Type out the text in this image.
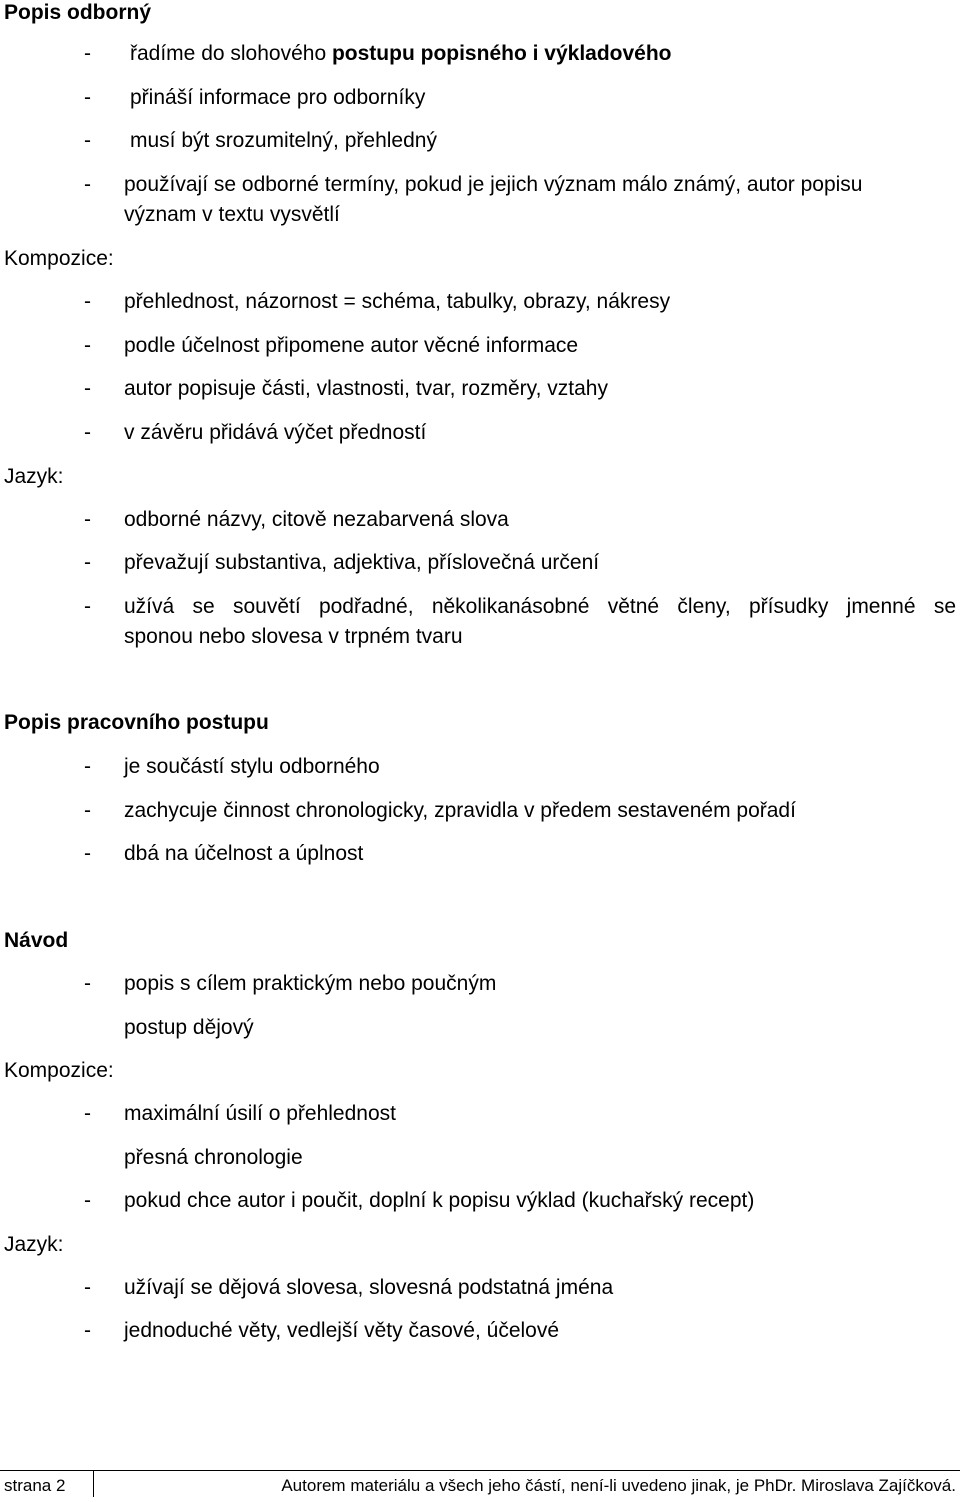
Popis odborný
- řadíme do slohového postupu popisného i výkladového
- přináší informace pro odborníky
- musí být srozumitelný, přehledný
- používají se odborné termíny, pokud je jejich význam málo známý, autor popisu
význam v textu vysvětlí
Kompozice:
- přehlednost, názornost = schéma, tabulky, obrazy, nákresy
- podle účelnost připomene autor věcné informace
- autor popisuje části, vlastnosti, tvar, rozměry, vztahy
- v závěru přidává výčet předností
Jazyk:
- odborné názvy, citově nezabarvená slova
- převažují substantiva, adjektiva, příslovečná určení
- užívá se souvětí podřadné, několikanásobné větné členy, přísudky jmenné se
sponou nebo slovesa v trpném tvaru
Popis pracovního postupu
- je součástí stylu odborného
- zachycuje činnost chronologicky, zpravidla v předem sestaveném pořadí
- dbá na účelnost a úplnost
Návod
- popis s cílem praktickým nebo poučným
postup dějový
Kompozice:
- maximální úsilí o přehlednost
přesná chronologie
- pokud chce autor i poučit, doplní k popisu výklad (kuchařský recept)
Jazyk:
- užívají se dějová slovesa, slovesná podstatná jména
- jednoduché věty, vedlejší věty časové, účelové
strana 2	Autorem materiálu a všech jeho částí, není-li uvedeno jinak, je PhDr. Miroslava Zajíčková.
